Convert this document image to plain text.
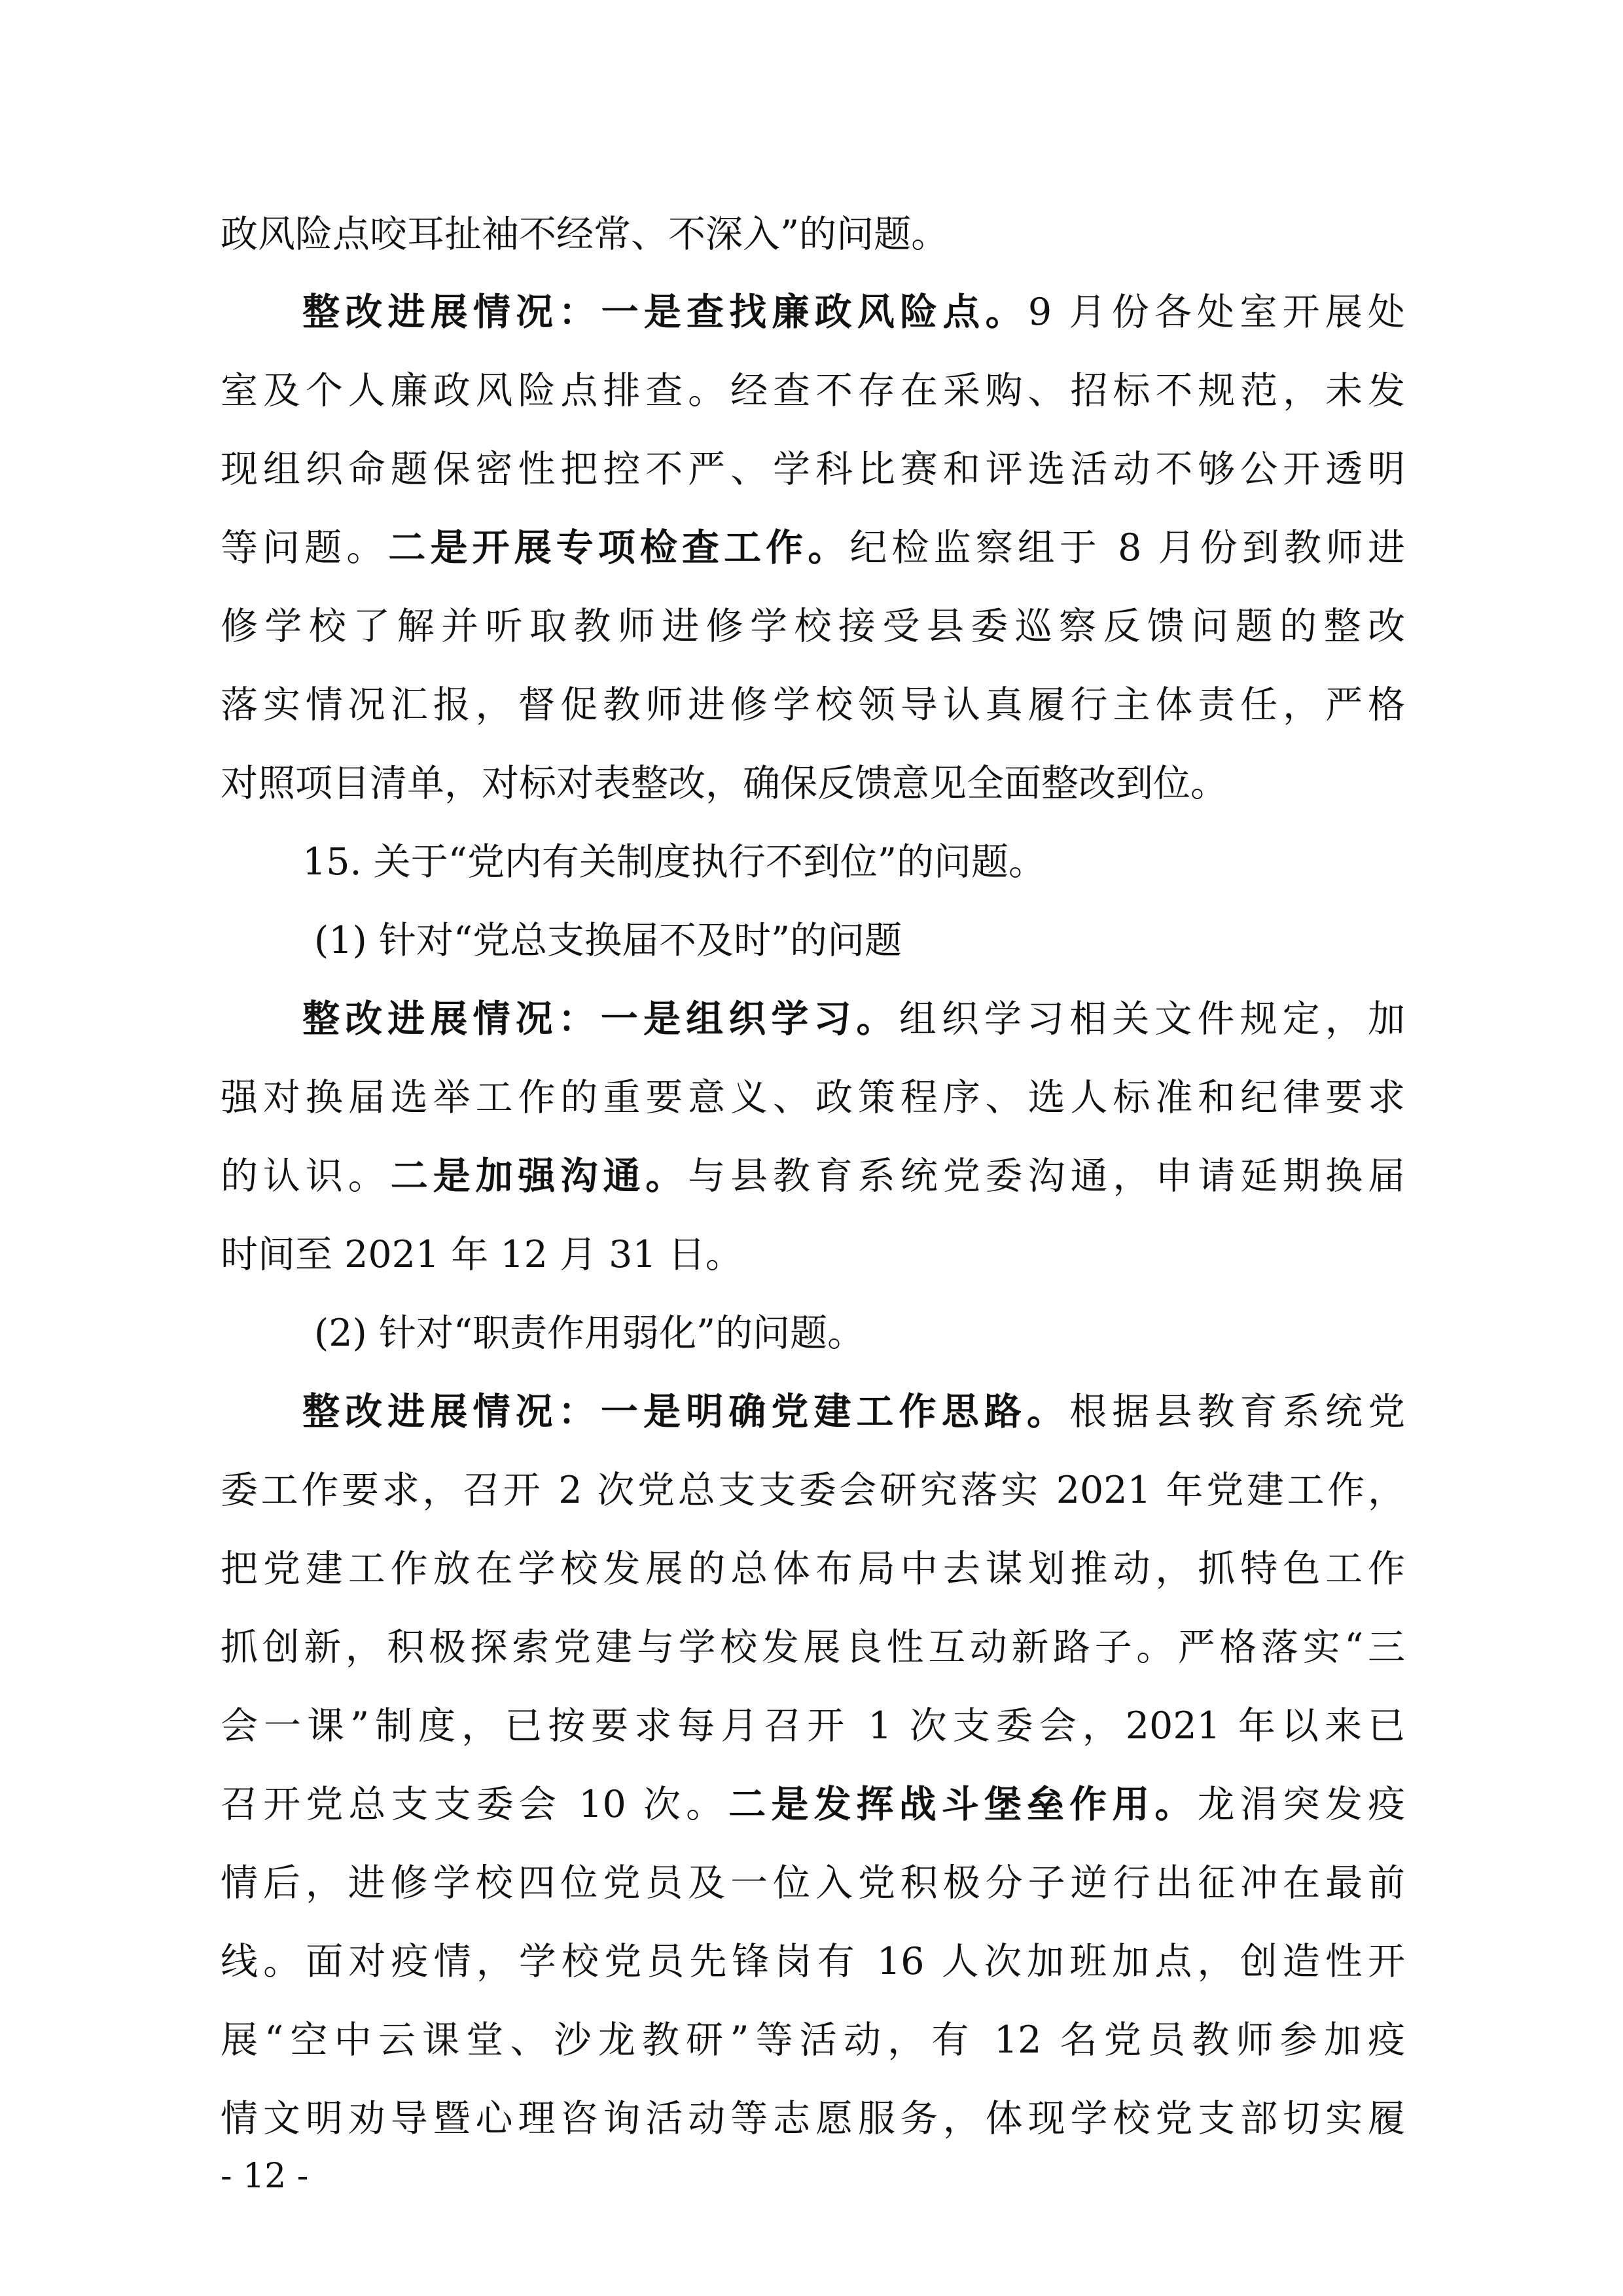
政风险点咬耳扯袖不经常、不深入”的问题。
整改进展情况：一是查找廉政风险点。9 月份各处室开展处
室及个人廉政风险点排查。经查不存在采购、招标不规范，未发
现组织命题保密性把控不严、学科比赛和评选活动不够公开透明
等问题。二是开展专项检查工作。纪检监察组于 8 月份到教师进
修学校了解并听取教师进修学校接受县委巡察反馈问题的整改
落实情况汇报，督促教师进修学校领导认真履行主体责任，严格
对照项目清单，对标对表整改，确保反馈意见全面整改到位。
15. 关于“党内有关制度执行不到位”的问题。
(1) 针对“党总支换届不及时”的问题
整改进展情况：一是组织学习。组织学习相关文件规定，加
强对换届选举工作的重要意义、政策程序、选人标准和纪律要求
的认识。二是加强沟通。与县教育系统党委沟通，申请延期换届
时间至 2021 年 12 月 31 日。
(2) 针对“职责作用弱化”的问题。
整改进展情况：一是明确党建工作思路。根据县教育系统党
委工作要求，召开 2 次党总支支委会研究落实 2021 年党建工作，
把党建工作放在学校发展的总体布局中去谋划推动，抓特色工作
抓创新，积极探索党建与学校发展良性互动新路子。严格落实“三
会一课”制度，已按要求每月召开 1 次支委会，2021 年以来已
召开党总支支委会 10 次。二是发挥战斗堡垒作用。龙涓突发疫
情后，进修学校四位党员及一位入党积极分子逆行出征冲在最前
线。面对疫情，学校党员先锋岗有 16 人次加班加点，创造性开
展“空中云课堂、沙龙教研”等活动，有 12 名党员教师参加疫
情文明劝导暨心理咨询活动等志愿服务，体现学校党支部切实履
- 12 -
